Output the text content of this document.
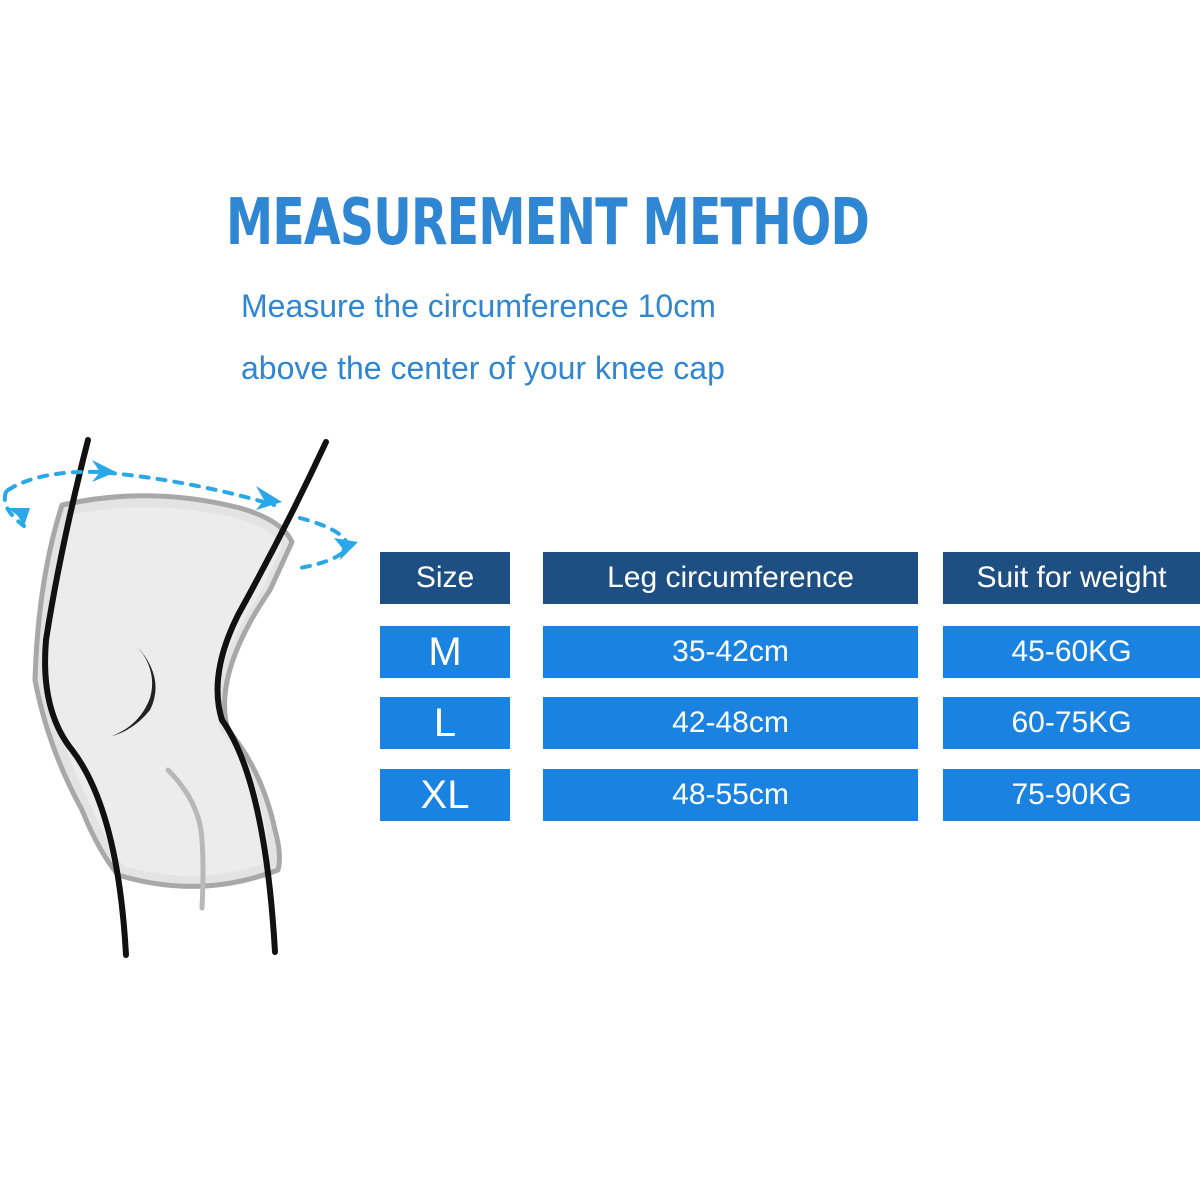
MEASUREMENT METHOD

Measure the circumference 10cm

above the center of your knee cap

Size	Leg circumference	Suit for weight
M	35-42cm	45-60KG
L	42-48cm	60-75KG
XL	48-55cm	75-90KG
